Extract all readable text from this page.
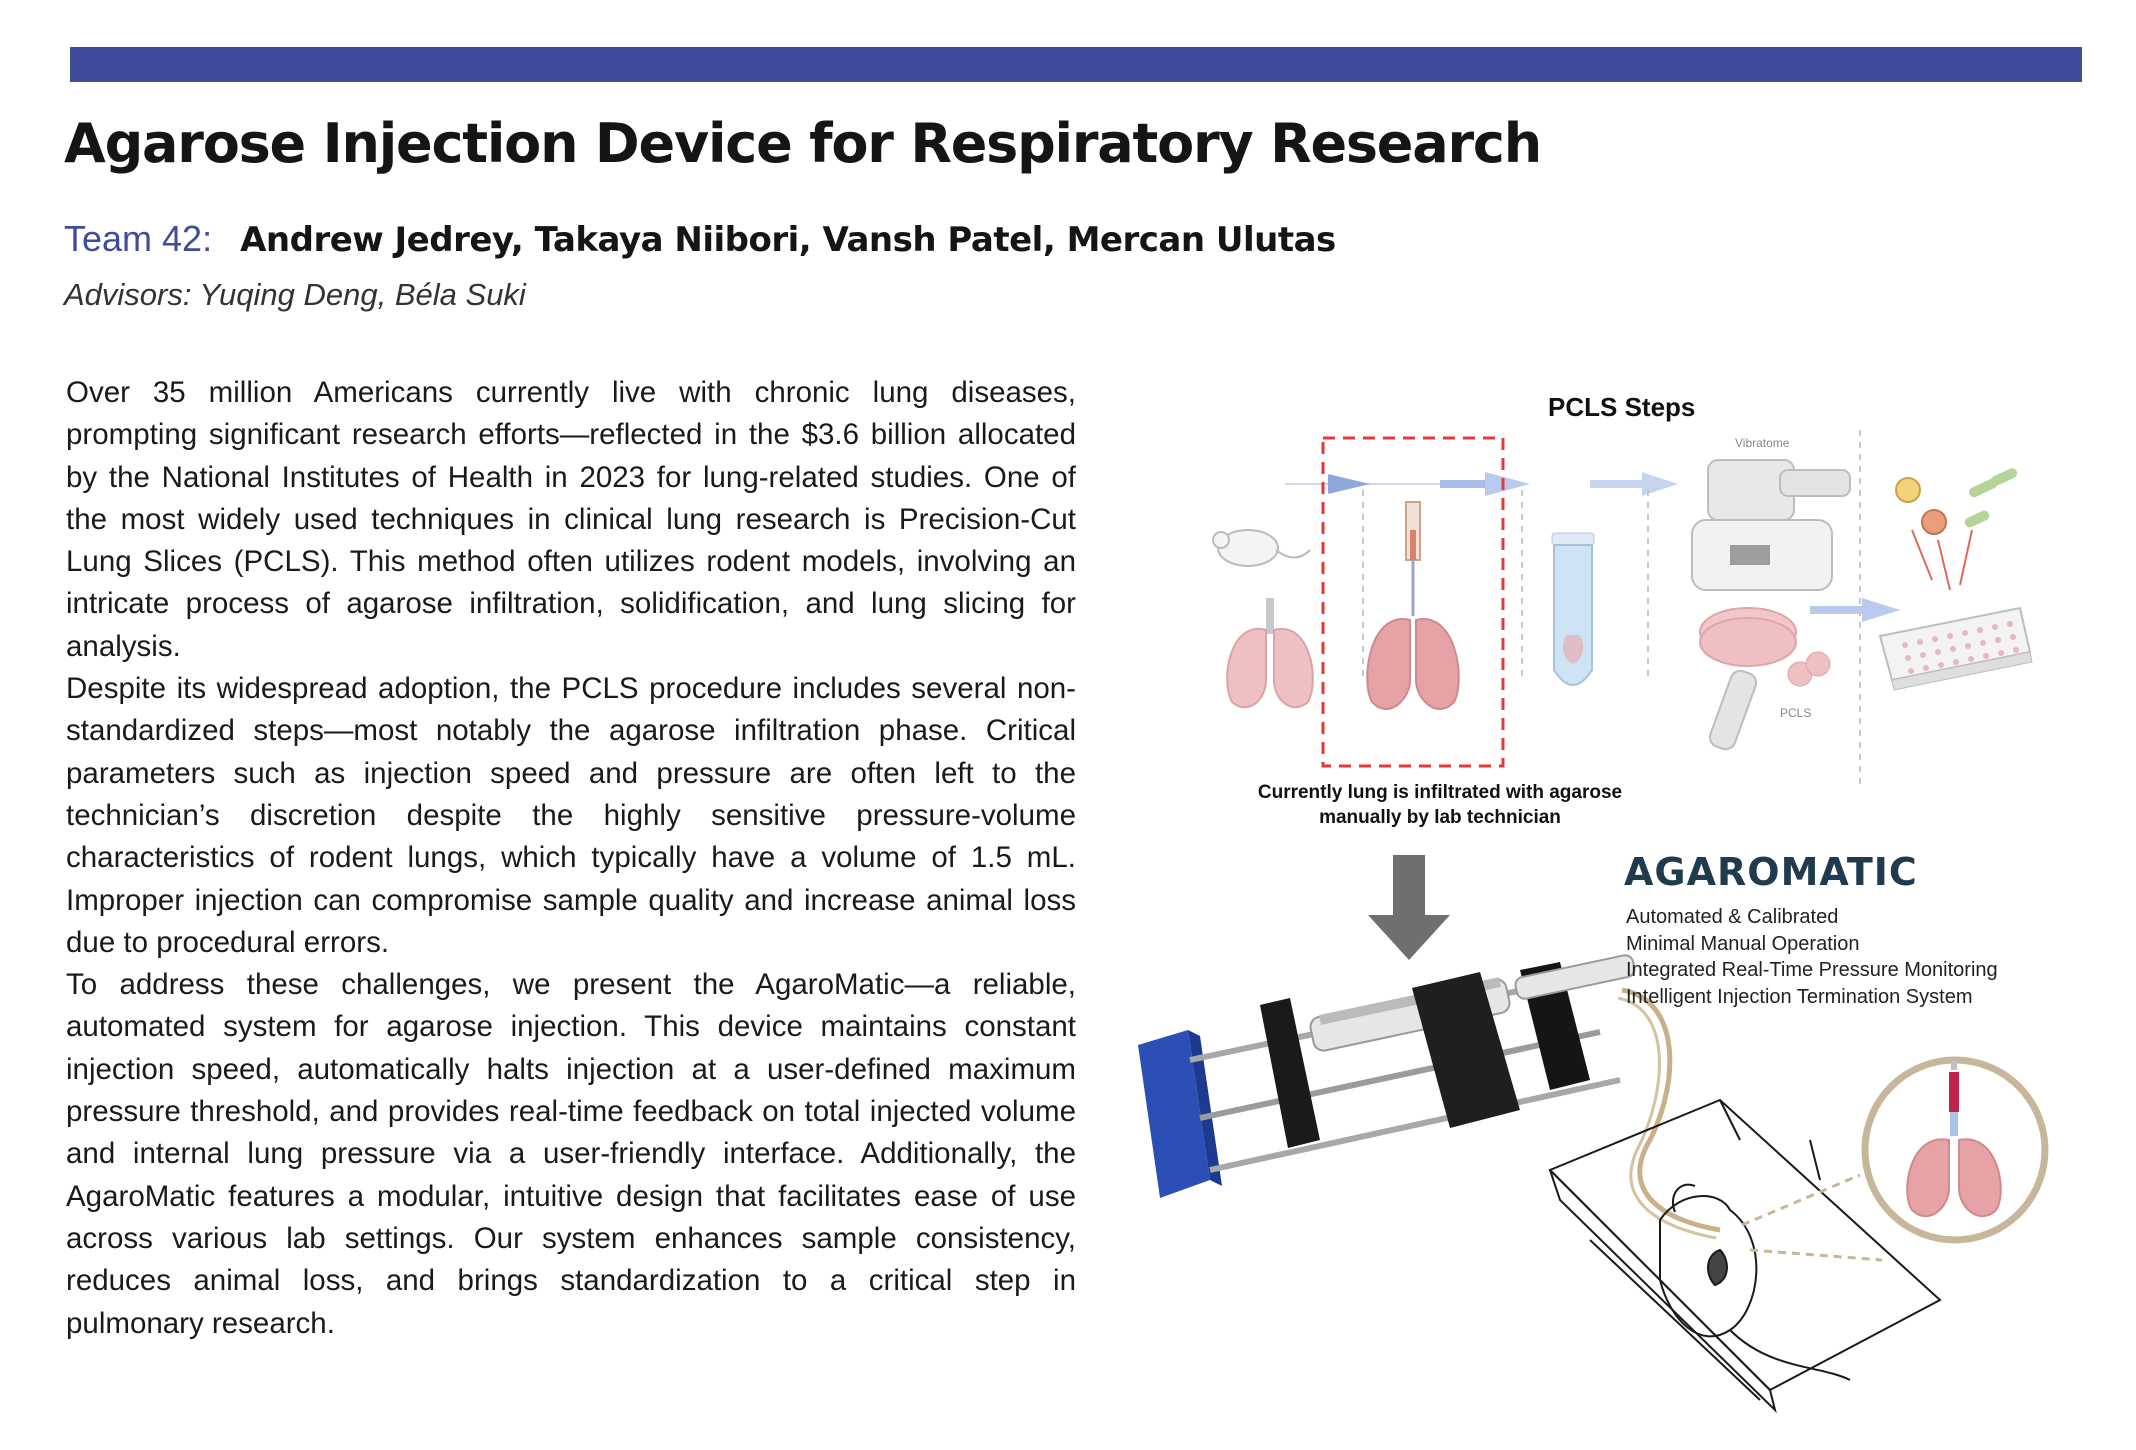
Agarose Injection Device for Respiratory Research
Team 42: Andrew Jedrey, Takaya Niibori, Vansh Patel, Mercan Ulutas
Advisors: Yuqing Deng, Béla Suki

Over 35 million Americans currently live with chronic lung diseases, prompting significant research efforts—reflected in the $3.6 billion allocated by the National Institutes of Health in 2023 for lung-related studies. One of the most widely used techniques in clinical lung research is Precision-Cut Lung Slices (PCLS). This method often utilizes rodent models, involving an intricate process of agarose infiltration, solidification, and lung slicing for analysis.

Despite its widespread adoption, the PCLS procedure includes several non-standardized steps—most notably the agarose infiltration phase. Critical parameters such as injection speed and pressure are often left to the technician’s discretion despite the highly sensitive pressure-volume characteristics of rodent lungs, which typically have a volume of 1.5 mL. Improper injection can compromise sample quality and increase animal loss due to procedural errors.

To address these challenges, we present the AgaroMatic—a reliable, automated system for agarose injection. This device maintains constant injection speed, automatically halts injection at a user-defined maximum pressure threshold, and provides real-time feedback on total injected volume and internal lung pressure via a user-friendly interface. Additionally, the AgaroMatic features a modular, intuitive design that facilitates ease of use across various lab settings. Our system enhances sample consistency, reduces animal loss, and brings standardization to a critical step in pulmonary research.

PCLS Steps
Vibratome
PCLS
Currently lung is infiltrated with agarose manually by lab technician
AGAROMATIC
Automated & Calibrated
Minimal Manual Operation
Integrated Real-Time Pressure Monitoring
Intelligent Injection Termination System
